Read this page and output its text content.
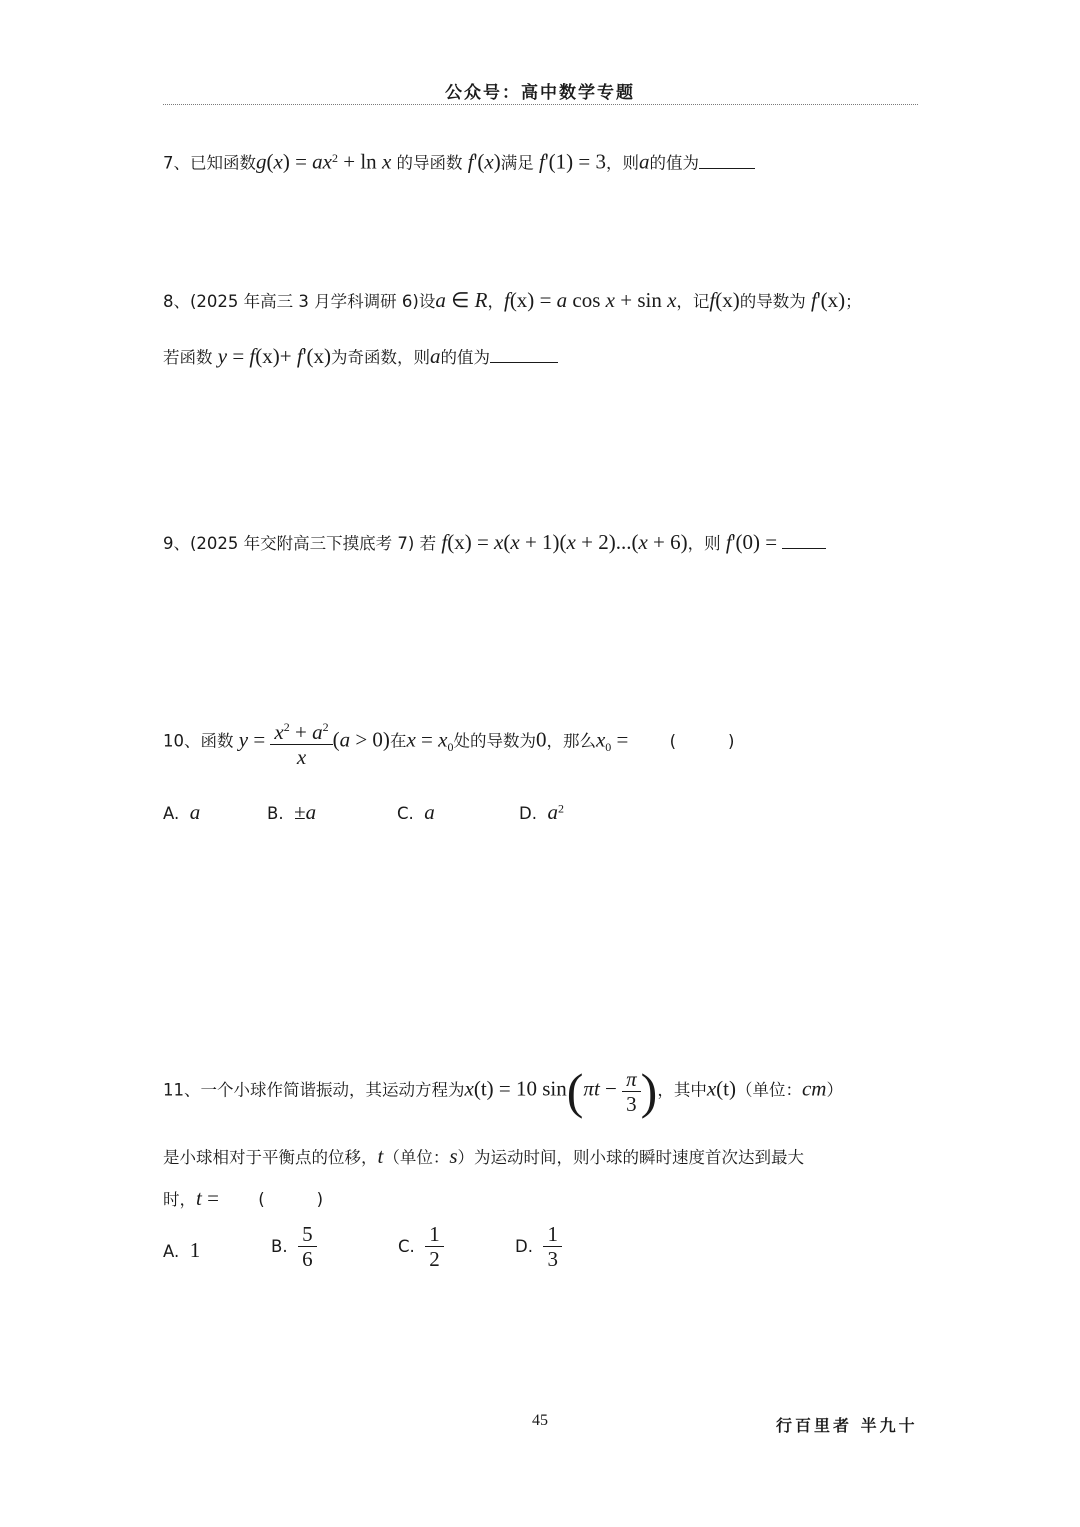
公众号：高中数学专题
7、已知函数$g(x) = ax^2 + \ln x$ 的导函数 f'(x)满足 f'(1) = 3，则a的值为
8、(2025 年高三 3 月学科调研 6)设a ∈ R，f(x) = a cos x + sin x，记f(x)的导数为 f'(x)；
若函数 y = f(x)+ f'(x)为奇函数，则a的值为
9、(2025 年交附高三下摸底考 7) 若 f(x) = x(x + 1)(x + 2)...(x + 6)，则 f'(0) =
10、函数 $y = \frac{x^2 + a^2}{x} (a > 0)$在$x = x_0$处的导数为0，那么$x_0$ =	(	)
A. a	B. ±a	C. a	D. $a^2$
11、一个小球作简谐振动，其运动方程为x(t) = 10 $\sin(\pi t - \frac{\pi}{3}$ )，其中x(t)（单位：cm）
是小球相对于平衡点的位移，t（单位：s）为运动时间，则小球的瞬时速度首次达到最大
时，t = (	)
A. 1	B. $\frac{5}{6}$	C. $\frac{1}{2}$	D. $\frac{1}{3}$
45	行百里者 半九十
